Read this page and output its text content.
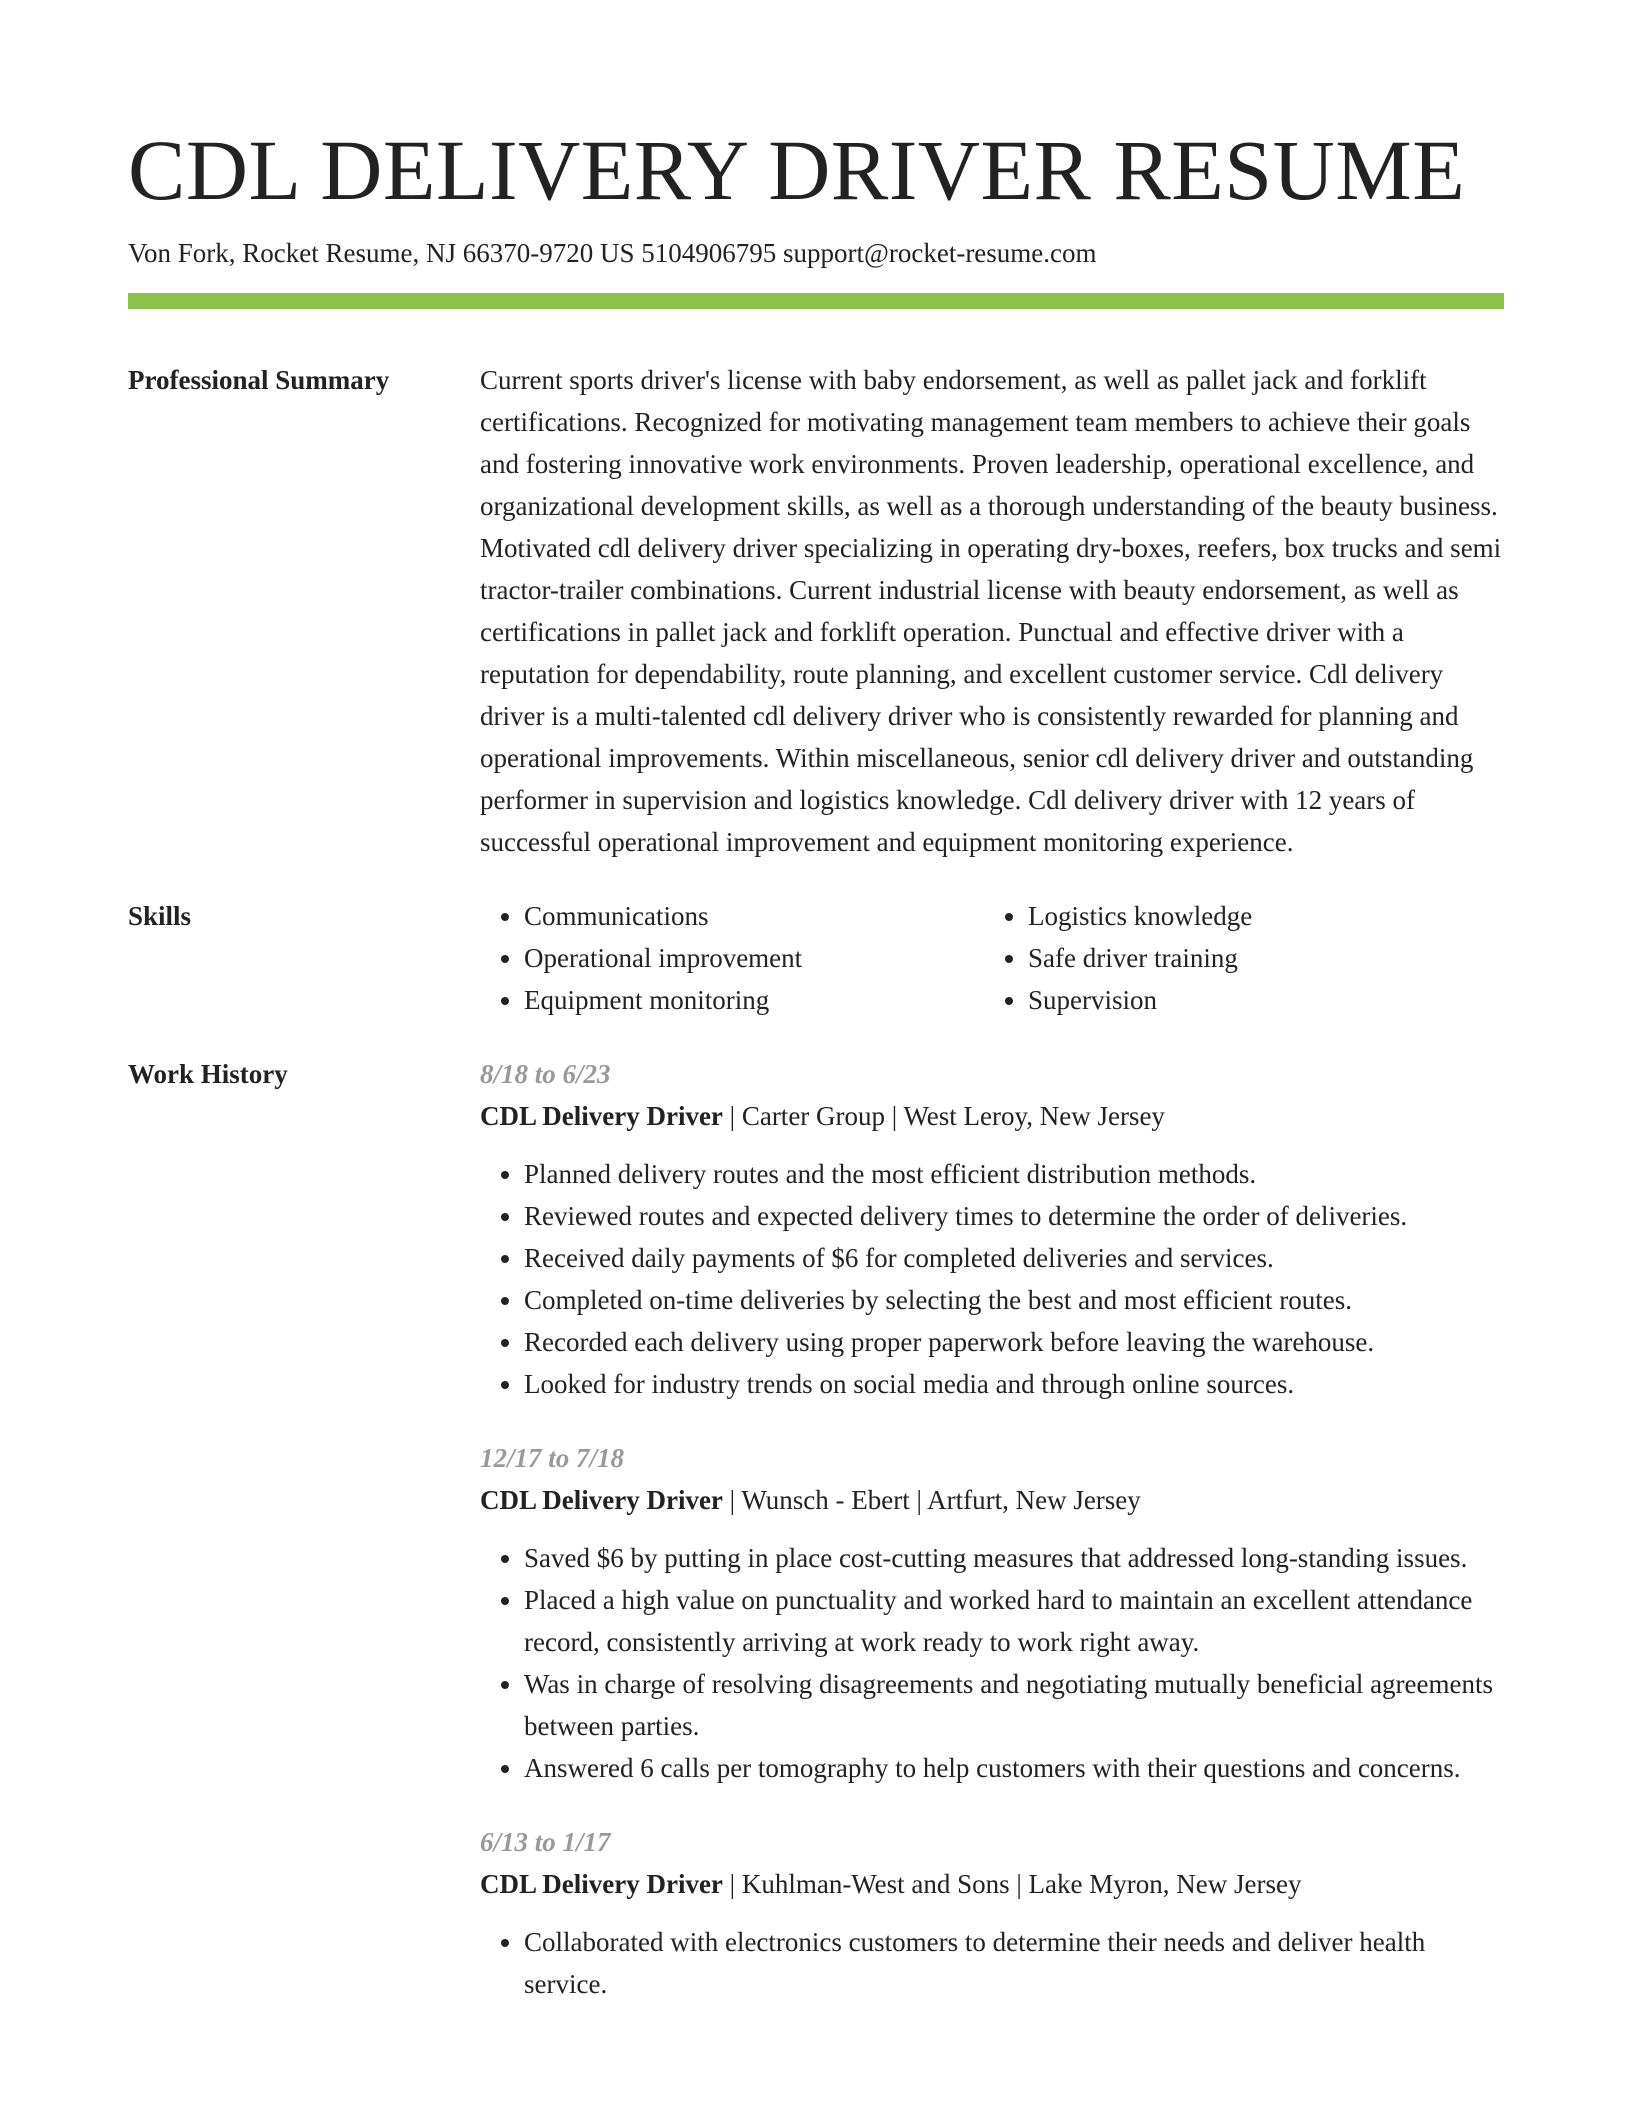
CDL DELIVERY DRIVER RESUME
Von Fork, Rocket Resume, NJ 66370-9720 US 5104906795 support@rocket-resume.com
Professional Summary	Current sports driver's license with baby endorsement, as well as pallet jack and forklift certifications. Recognized for motivating management team members to achieve their goals and fostering innovative work environments. Proven leadership, operational excellence, and organizational development skills, as well as a thorough understanding of the beauty business. Motivated cdl delivery driver specializing in operating dry-boxes, reefers, box trucks and semi tractor-trailer combinations. Current industrial license with beauty endorsement, as well as certifications in pallet jack and forklift operation. Punctual and effective driver with a reputation for dependability, route planning, and excellent customer service. Cdl delivery driver is a multi-talented cdl delivery driver who is consistently rewarded for planning and operational improvements. Within miscellaneous, senior cdl delivery driver and outstanding performer in supervision and logistics knowledge. Cdl delivery driver with 12 years of successful operational improvement and equipment monitoring experience.

Skills
•	Communications
• Operational improvement
• Equipment monitoring
• Logistics knowledge
• Safe driver training
• Supervision
Work History	8/18 to 6/23
CDL Delivery Driver | Carter Group | West Leroy, New Jersey
• Planned delivery routes and the most efficient distribution methods.
• Reviewed routes and expected delivery times to determine the order of deliveries.
• Received daily payments of $6 for completed deliveries and services.
• Completed on-time deliveries by selecting the best and most efficient routes.
• Recorded each delivery using proper paperwork before leaving the warehouse.
• Looked for industry trends on social media and through online sources.
12/17 to 7/18
CDL Delivery Driver | Wunsch - Ebert | Artfurt, New Jersey
• Saved $6 by putting in place cost-cutting measures that addressed long-standing issues.
• Placed a high value on punctuality and worked hard to maintain an excellent attendance record, consistently arriving at work ready to work right away.
• Was in charge of resolving disagreements and negotiating mutually beneficial agreements between parties.
• Answered 6 calls per tomography to help customers with their questions and concerns.
6/13 to 1/17
CDL Delivery Driver | Kuhlman-West and Sons | Lake Myron, New Jersey
• Collaborated with electronics customers to determine their needs and deliver health service.
